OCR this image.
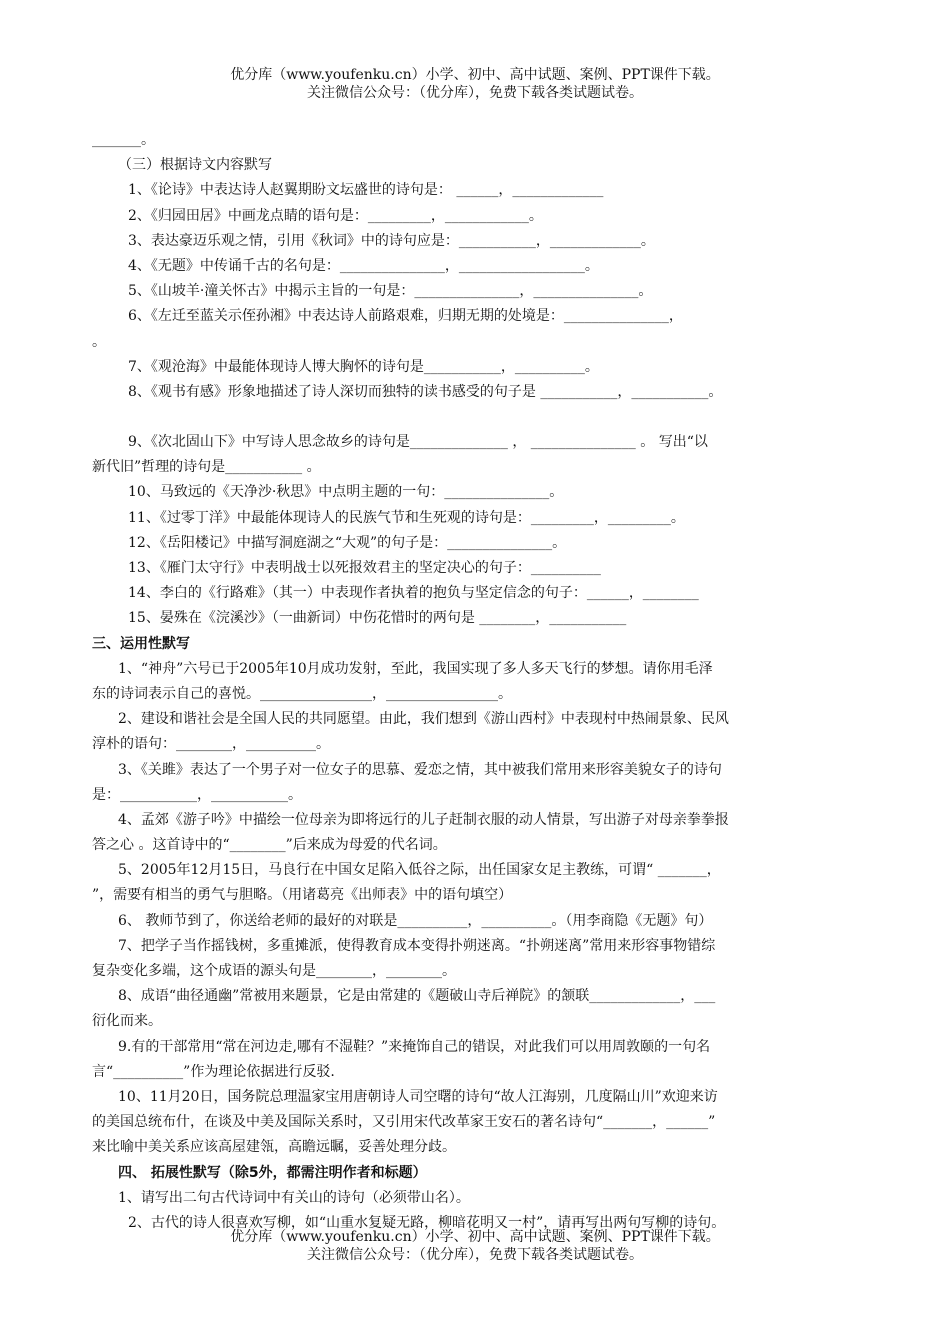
优分库（www.youfenku.cn）小学、初中、高中试题、案例、PPT课件下载。
关注微信公众号：（优分库），免费下载各类试题试卷。
_______。
（三）根据诗文内容默写
1、《论诗》中表达诗人赵翼期盼文坛盛世的诗句是： ______，_____________
2、《归园田居》中画龙点睛的语句是：_________，____________。
3、表达豪迈乐观之情，引用《秋词》中的诗句应是：___________，_____________。
4、《无题》中传诵千古的名句是：_______________，__________________。
5、《山坡羊·潼关怀古》中揭示主旨的一句是：_______________，_______________。
6、《左迁至蓝关示侄孙湘》中表达诗人前路艰难，归期无期的处境是：_______________，
。
7、《观沧海》中最能体现诗人博大胸怀的诗句是___________，__________。
8、《观书有感》形象地描述了诗人深切而独特的读书感受的句子是 ___________，___________。
9、《次北固山下》中写诗人思念故乡的诗句是______________ ， _______________ 。 写出“以
新代旧”哲理的诗句是___________ 。
10、马致远的《天净沙·秋思》中点明主题的一句：_______________。
11、《过零丁洋》中最能体现诗人的民族气节和生死观的诗句是：_________，_________。
12、《岳阳楼记》中描写洞庭湖之“大观”的句子是：_______________。
13、《雁门太守行》中表明战士以死报效君主的坚定决心的句子：__________
14、李白的《行路难》（其一）中表现作者执着的抱负与坚定信念的句子：______，________
15、晏殊在《浣溪沙》（一曲新词）中伤花惜时的两句是 ________，___________
三、运用性默写
1、“神舟”六号已于2005年10月成功发射，至此，我国实现了多人多天飞行的梦想。请你用毛泽
东的诗词表示自己的喜悦。________________，________________。
2、建设和谐社会是全国人民的共同愿望。由此，我们想到《游山西村》中表现村中热闹景象、民风
淳朴的语句：________，__________。
3、《关雎》表达了一个男子对一位女子的思慕、爱恋之情，其中被我们常用来形容美貌女子的诗句
是：___________，___________。
4、孟郊《游子吟》中描绘一位母亲为即将远行的儿子赶制衣服的动人情景，写出游子对母亲拳拳报
答之心 。这首诗中的“________”后来成为母爱的代名词。
5、2005年12月15日，马良行在中国女足陷入低谷之际，出任国家女足主教练，可谓“ _______，
”，需要有相当的勇气与胆略。（用诸葛亮《出师表》中的语句填空）
6、 教师节到了，你送给老师的最好的对联是__________，__________。（用李商隐《无题》句）
7、把学子当作摇钱树，多重摊派，使得教育成本变得扑朔迷离。“扑朔迷离”常用来形容事物错综
复杂变化多端，这个成语的源头句是________，________。
8、成语“曲径通幽”常被用来题景，它是由常建的《题破山寺后禅院》的颔联_____________，___
衍化而来。
9.有的干部常用“常在河边走,哪有不湿鞋？”来掩饰自己的错误，对此我们可以用周敦颐的一句名
言“__________”作为理论依据进行反驳.
10、11月20日，国务院总理温家宝用唐朝诗人司空曙的诗句“故人江海别，几度隔山川”欢迎来访
的美国总统布什，在谈及中美及国际关系时，又引用宋代改革家王安石的著名诗句“_______，______”
来比喻中美关系应该高屋建瓴，高瞻远瞩，妥善处理分歧。
四、 拓展性默写（除5外，都需注明作者和标题）
1、请写出二句古代诗词中有关山的诗句（必须带山名）。
2、古代的诗人很喜欢写柳，如“山重水复疑无路，柳暗花明又一村”，请再写出两句写柳的诗句。
优分库（www.youfenku.cn）小学、初中、高中试题、案例、PPT课件下载。
关注微信公众号：（优分库），免费下载各类试题试卷。
